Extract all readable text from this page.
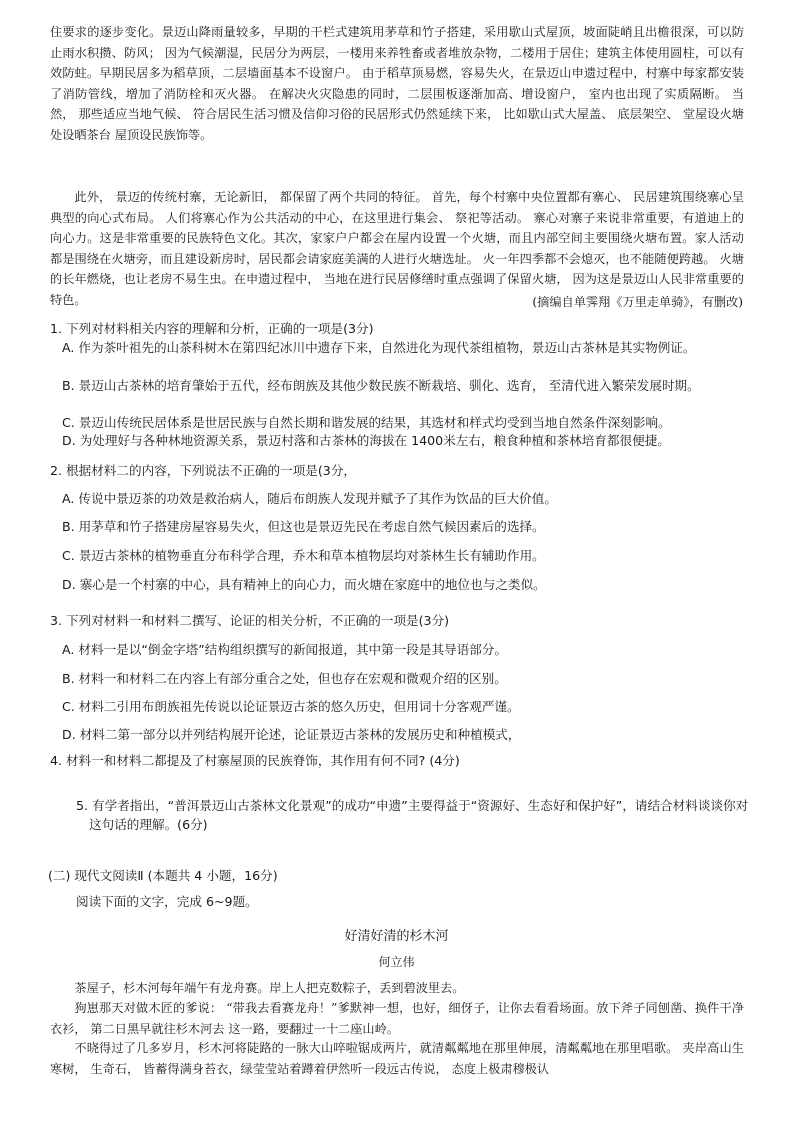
住要求的逐步变化。景迈山降雨量较多，早期的干栏式建筑用茅草和竹子搭建，采用歇山式屋顶，坡面陡峭且出檐很深，可以防止雨水积攒、防风； 因为气候潮湿，民居分为两层，一楼用来养牲畜或者堆放杂物，二楼用于居住；建筑主体使用圆柱，可以有效防蛀。早期民居多为稻草顶，二层墙面基本不设窗户。 由于稻草顶易燃，容易失火，在景迈山申遗过程中，村寨中每家都安装了消防管线，增加了消防栓和灭火器。 在解决火灾隐患的同时，二层围板逐渐加高、增设窗户， 室内也出现了实质隔断。 当然， 那些适应当地气候、 符合居民生活习惯及信仰习俗的民居形式仍然延续下来， 比如歇山式大屋盖、 底层架空、 堂屋设火塘 处设晒茶台 屋顶设民族饰等。

此外， 景迈的传统村寨，无论新旧， 都保留了两个共同的特征。 首先，每个村寨中央位置都有寨心、 民居建筑围绕寨心呈典型的向心式布局。 人们将寨心作为公共活动的中心，在这里进行集会、 祭祀等活动。 寨心对寨子来说非常重要，有道迪上的向心力。这是非常重要的民族特色文化。其次，家家户户都会在屋内设置一个火塘，而且内部空间主要围绕火塘布置。家人活动都是围绕在火塘旁，而且建设新房时，居民都会请家庭美满的人进行火塘选址。 火一年四季都不会熄灭，也不能随便跨越。 火塘的长年燃烧，也让老房不易生虫。在申遗过程中， 当地在进行民居修缮时重点强调了保留火塘， 因为这是景迈山人民非常重要的特色。	(摘编自单霁翔《万里走单骑》，有删改)

1. 下列对材料相关内容的理解和分析，正确的一项是(3分)

A. 作为茶叶祖先的山茶科树木在第四纪冰川中遗存下来，自然进化为现代茶组植物，景迈山古茶林是其实物例证。

B. 景迈山古茶林的培育肇始于五代，经布朗族及其他少数民族不断栽培、驯化、选育， 至清代进入繁荣发展时期。

C. 景迈山传统民居体系是世居民族与自然长期和谐发展的结果，其选材和样式均受到当地自然条件深刻影响。

D. 为处理好与各种林地资源关系，景迈村落和古茶林的海拔在 1400米左右，粮食种植和茶林培育都很便捷。

2. 根据材料二的内容，下列说法不正确的一项是(3分，

A. 传说中景迈茶的功效是救治病人，随后布朗族人发现并赋予了其作为饮品的巨大价值。

B. 用茅草和竹子搭建房屋容易失火，但这也是景迈先民在考虑自然气候因素后的选择。

C. 景迈古茶林的植物垂直分布科学合理，乔木和草本植物层均对茶林生长有辅助作用。

D. 寨心是一个村寨的中心，具有精神上的向心力，而火塘在家庭中的地位也与之类似。

3. 下列对材料一和材料二撰写、论证的相关分析，不正确的一项是(3分)

A. 材料一是以“倒金字塔”结构组织撰写的新闻报道，其中第一段是其导语部分。

B. 材料一和材料二在内容上有部分重合之处，但也存在宏观和微观介绍的区别。

C. 材料二引用布朗族祖先传说以论证景迈古茶的悠久历史，但用词十分客观严谨。

D. 材料二第一部分以并列结构展开论述，论证景迈古茶林的发展历史和种植模式，

4. 材料一和材料二都提及了村寨屋顶的民族脊饰，其作用有何不同? (4分)

5. 有学者指出，“普洱景迈山古茶林文化景观”的成功“申遗”主要得益于“资源好、生态好和保护好”，请结合材料谈谈你对这句话的理解。(6分)

(二) 现代文阅读Ⅱ (本题共 4 小题，16分)

阅读下面的文字，完成 6~9题。

好清好清的杉木河
何立伟

茶屋子，杉木河每年端午有龙舟赛。岸上人把克数粽子，丢到碧波里去。

狗崽那天对做木匠的爹说： “带我去看赛龙舟！”爹默神一想，也好，细伢子，让你去看看场面。放下斧子同刨凿、换件干净衣衫， 第二日黑早就往杉木河去 这一路，要翻过一十二座山岭。

不晓得过了几多岁月，杉木河将陡路的一脉大山啐啦锯成两片，就清粼粼地在那里伸展，清粼粼地在那里唱歌。 夹岸高山生寒树， 生奇石， 皆蓄得满身苔衣，绿莹莹站着蹲着伊然听一段远古传说， 态度上极肃穆极认
